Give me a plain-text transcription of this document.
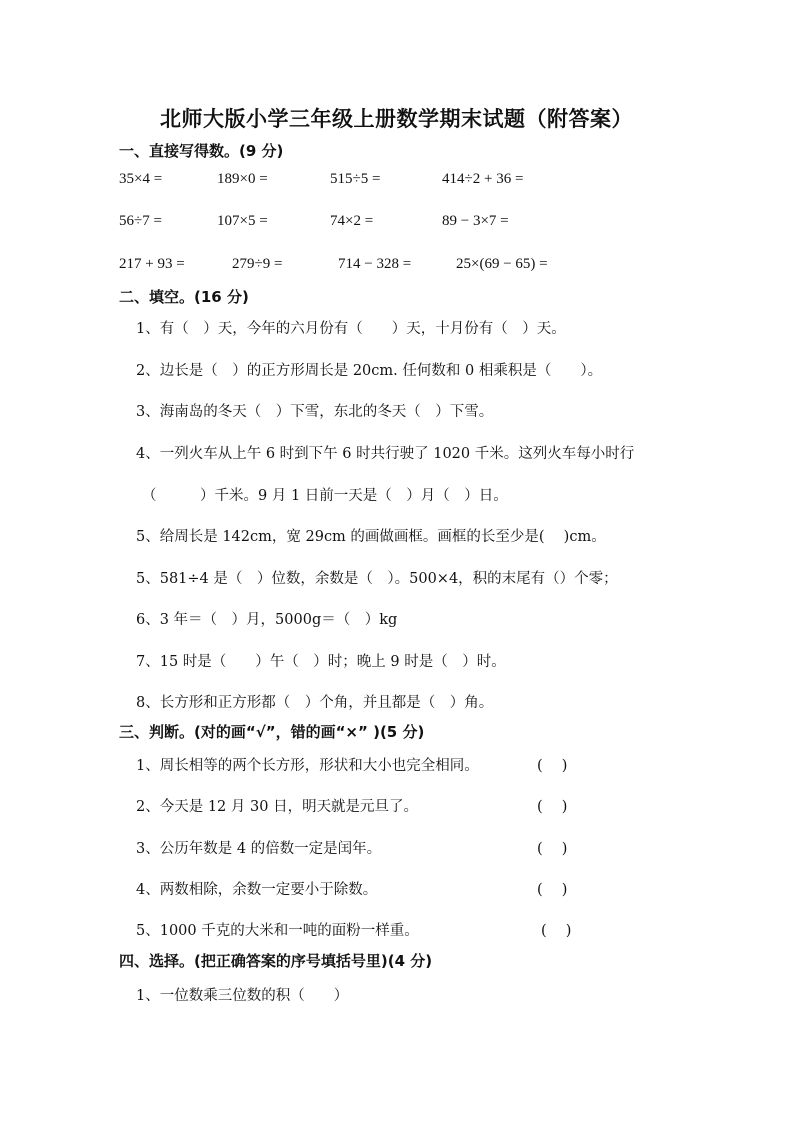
北师大版小学三年级上册数学期末试题（附答案）
一、直接写得数。(9 分)
35×4 =	189×0 =	515÷5 =	414÷2 + 36 =
56÷7 =	107×5 =	74×2 =	89 − 3×7 =
217 + 93 =	279÷9 =	714 − 328 =	25×(69 − 65) =
二、填空。(16 分)
1、有（　）天，今年的六月份有（　　）天，十月份有（　）天。
2、边长是（　）的正方形周长是 20cm. 任何数和 0 相乘积是（　　）。
3、海南岛的冬天（　）下雪，东北的冬天（　）下雪。
4、一列火车从上午 6 时到下午 6 时共行驶了 1020 千米。这列火车每小时行
（　　　）千米。9 月 1 日前一天是（　）月（　）日。
5、给周长是 142cm，宽 29cm 的画做画框。画框的长至少是(　 )cm。
5、581÷4 是（　）位数，余数是（　）。500×4，积的末尾有（）个零；
6、3 年＝（　）月，5000g＝（　）kg
7、15 时是（　　）午（　）时；晚上 9 时是（　）时。
8、长方形和正方形都（　）个角，并且都是（　）角。
三、判断。(对的画“√”，错的画“×” )(5 分)
1、周长相等的两个长方形，形状和大小也完全相同。	(　 )
2、今天是 12 月 30 日，明天就是元旦了。	(　 )
3、公历年数是 4 的倍数一定是闰年。	(　 )
4、两数相除，余数一定要小于除数。	(　 )
5、1000 千克的大米和一吨的面粉一样重。	(　 )
四、选择。(把正确答案的序号填括号里)(4 分)
1、一位数乘三位数的积（　　）
